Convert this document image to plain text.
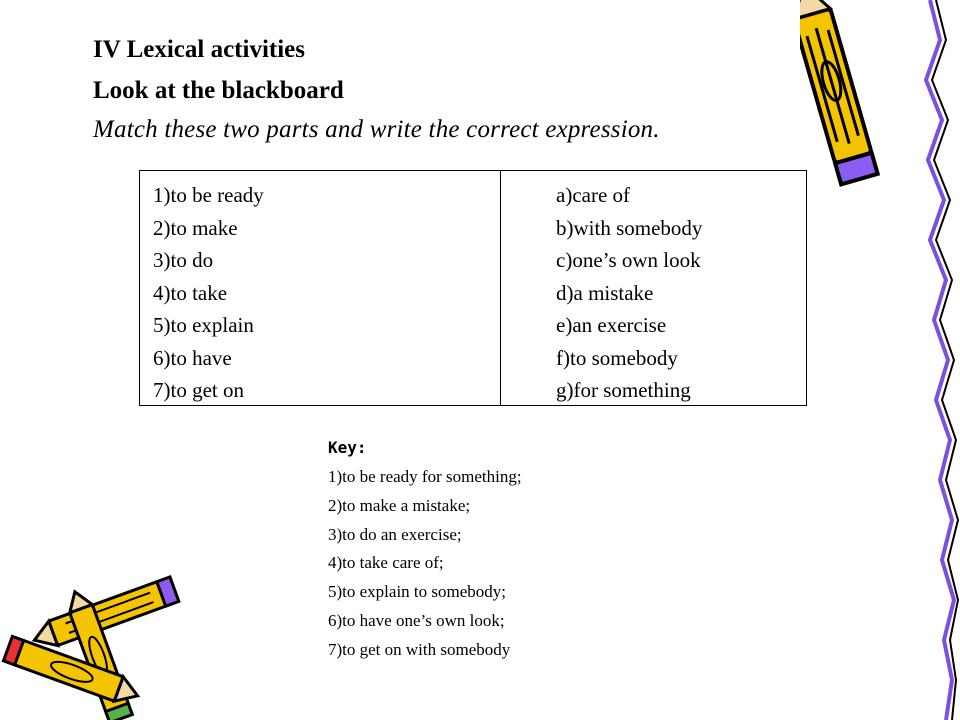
IV Lexical activities
Look at the blackboard
Match these two parts and write the correct expression.
1)to be ready
2)to make
3)to do
4)to take
5)to explain
6)to have
7)to get on
a)care of
b)with somebody
c)one’s own look
d)a mistake
e)an exercise
f)to somebody
g)for something
Key:
1)to be ready for something;
2)to make a mistake;
3)to do an exercise;
4)to take care of;
5)to explain to somebody;
6)to have one’s own look;
7)to get on with somebody
